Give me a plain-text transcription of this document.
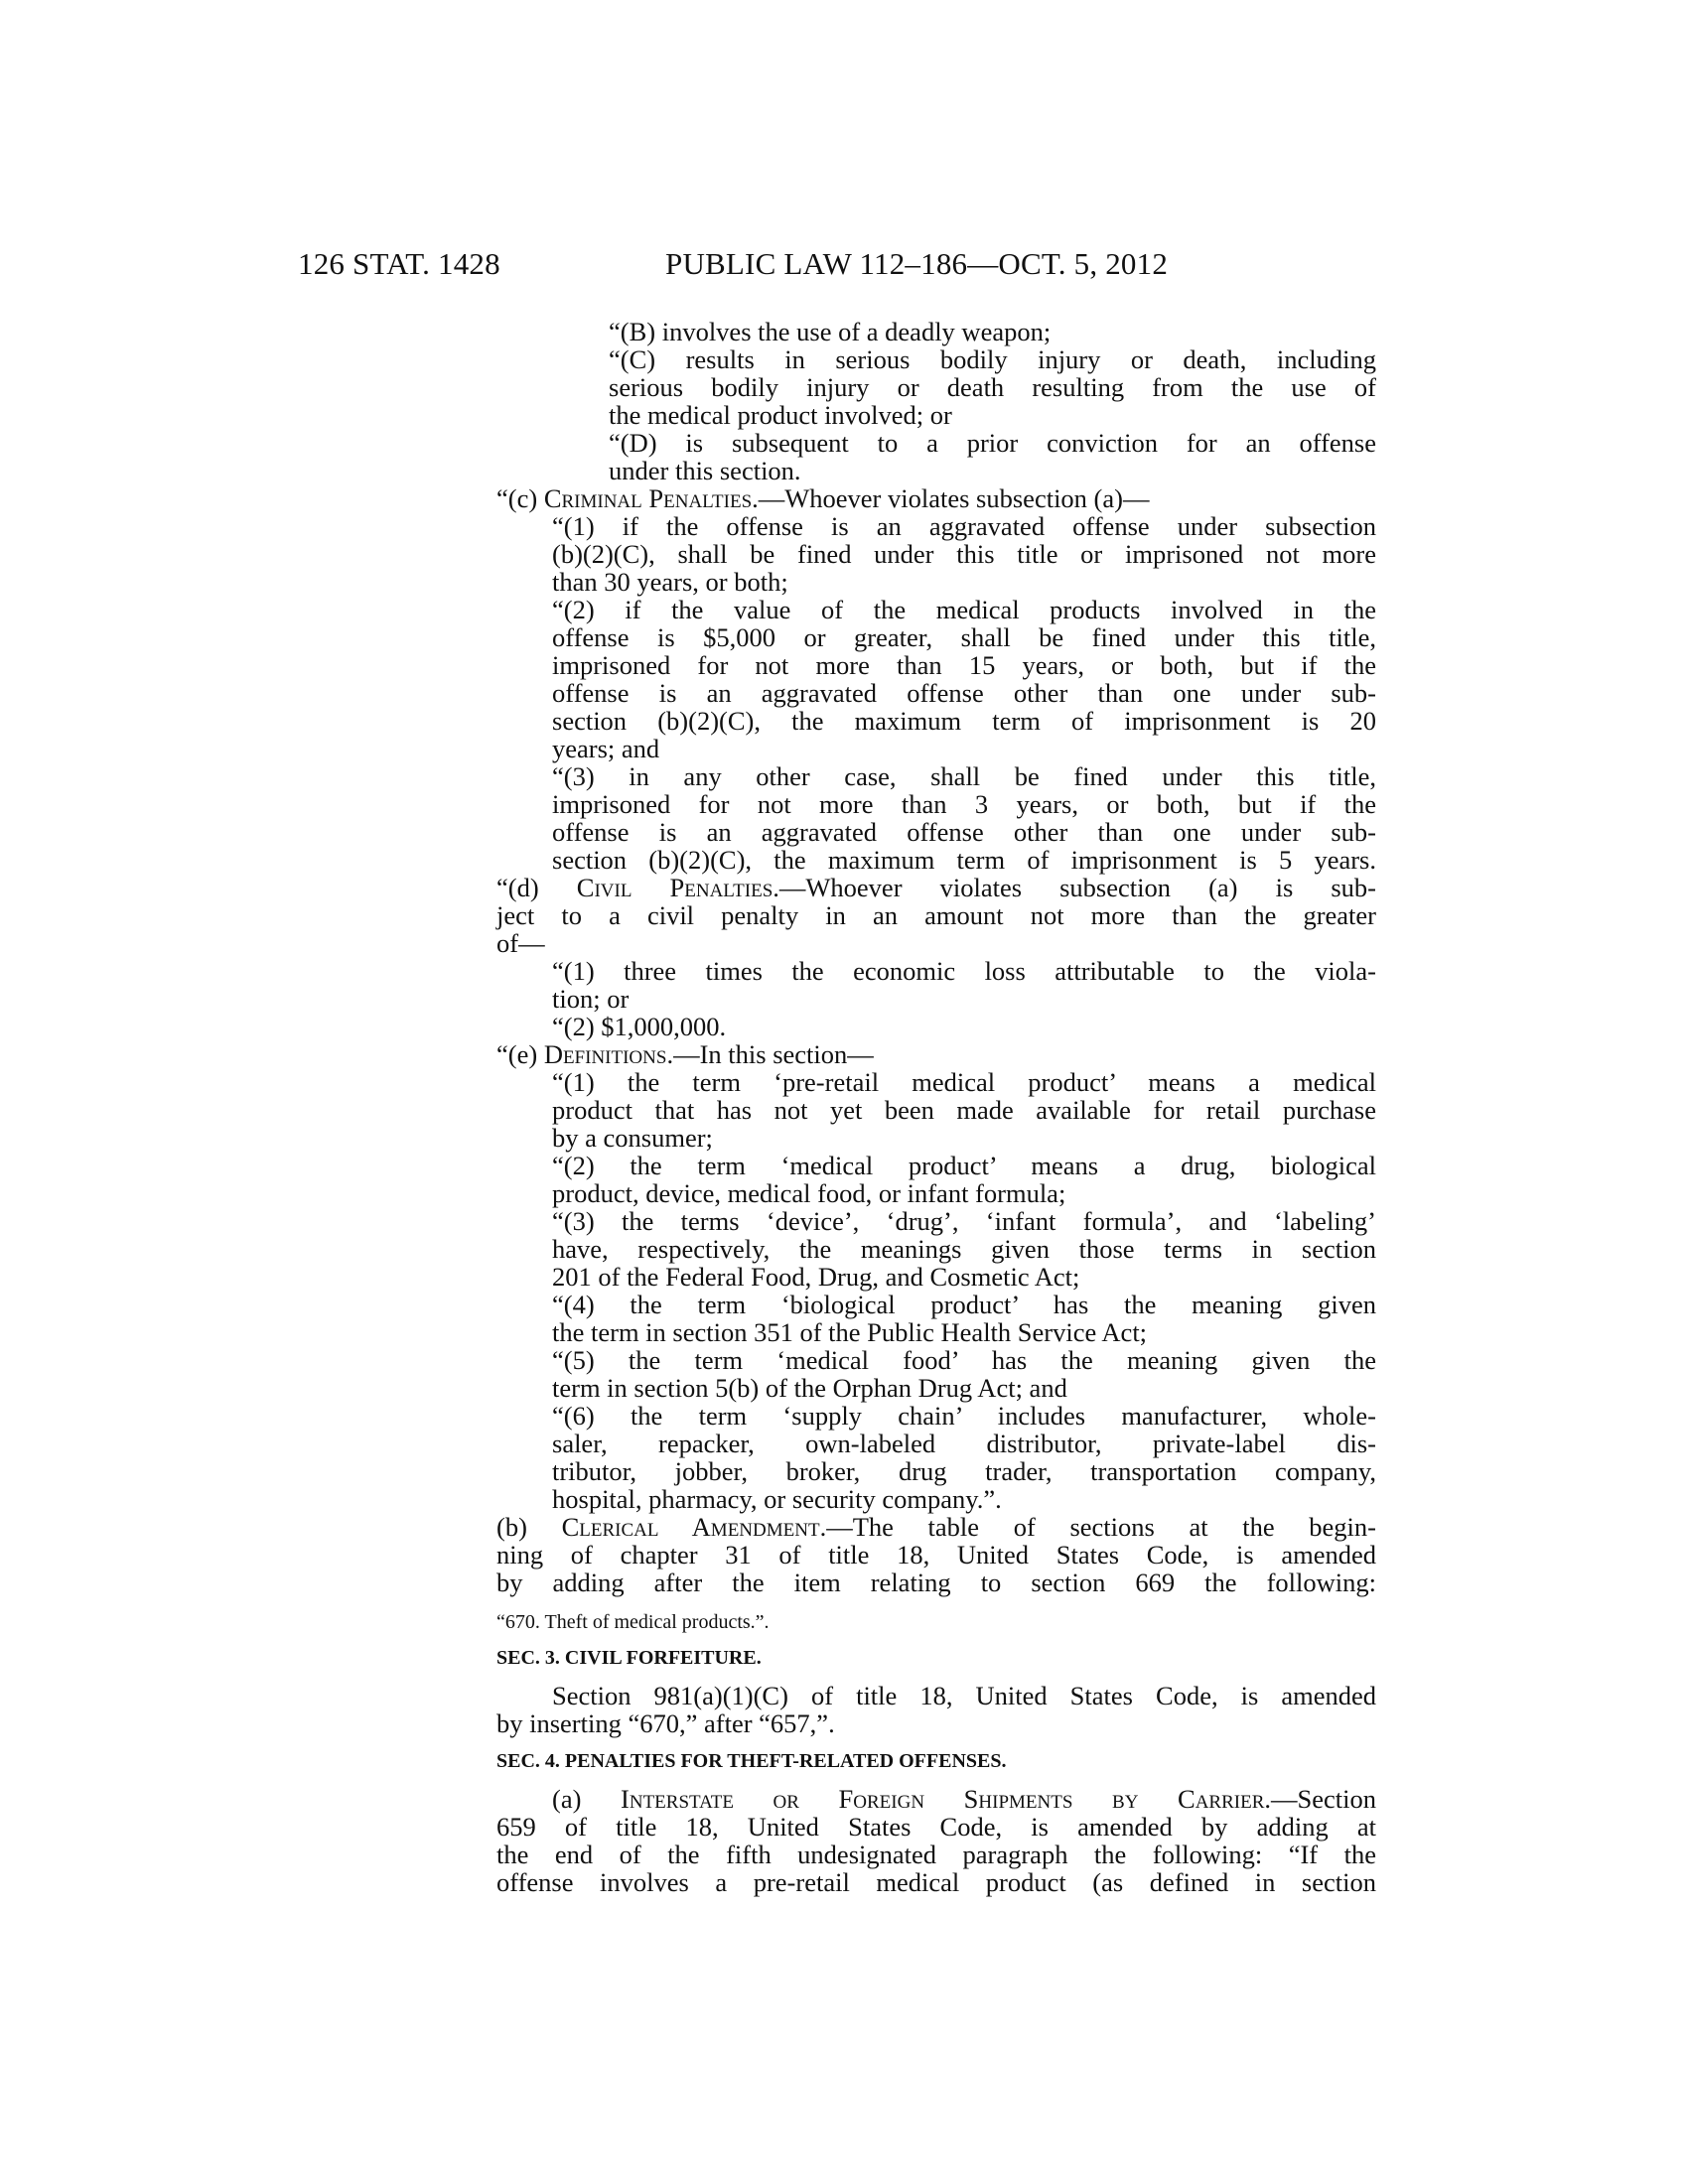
126 STAT. 1428	PUBLIC LAW 112–186—OCT. 5, 2012
“(B) involves the use of a deadly weapon;
“(C) results in serious bodily injury or death, including
serious bodily injury or death resulting from the use of
the medical product involved; or
“(D) is subsequent to a prior conviction for an offense
under this section.
“(c) Criminal Penalties.—Whoever violates subsection (a)—
“(1) if the offense is an aggravated offense under subsection
(b)(2)(C), shall be fined under this title or imprisoned not more
than 30 years, or both;
“(2) if the value of the medical products involved in the
offense is $5,000 or greater, shall be fined under this title,
imprisoned for not more than 15 years, or both, but if the
offense is an aggravated offense other than one under sub-
section (b)(2)(C), the maximum term of imprisonment is 20
years; and
“(3) in any other case, shall be fined under this title,
imprisoned for not more than 3 years, or both, but if the
offense is an aggravated offense other than one under sub-
section (b)(2)(C), the maximum term of imprisonment is 5 years.
“(d) Civil Penalties.—Whoever violates subsection (a) is sub-
ject to a civil penalty in an amount not more than the greater
of—
“(1) three times the economic loss attributable to the viola-
tion; or
“(2) $1,000,000.
“(e) Definitions.—In this section—
“(1) the term ‘pre-retail medical product’ means a medical
product that has not yet been made available for retail purchase
by a consumer;
“(2) the term ‘medical product’ means a drug, biological
product, device, medical food, or infant formula;
“(3) the terms ‘device’, ‘drug’, ‘infant formula’, and ‘labeling’
have, respectively, the meanings given those terms in section
201 of the Federal Food, Drug, and Cosmetic Act;
“(4) the term ‘biological product’ has the meaning given
the term in section 351 of the Public Health Service Act;
“(5) the term ‘medical food’ has the meaning given the
term in section 5(b) of the Orphan Drug Act; and
“(6) the term ‘supply chain’ includes manufacturer, whole-
saler, repacker, own-labeled distributor, private-label dis-
tributor, jobber, broker, drug trader, transportation company,
hospital, pharmacy, or security company.”.
(b) Clerical Amendment.—The table of sections at the begin-
ning of chapter 31 of title 18, United States Code, is amended
by adding after the item relating to section 669 the following:
“670. Theft of medical products.”.
SEC. 3. CIVIL FORFEITURE.
Section 981(a)(1)(C) of title 18, United States Code, is amended
by inserting “670,” after “657,”.
SEC. 4. PENALTIES FOR THEFT-RELATED OFFENSES.
(a) Interstate or Foreign Shipments by Carrier.—Section
659 of title 18, United States Code, is amended by adding at
the end of the fifth undesignated paragraph the following: “If the
offense involves a pre-retail medical product (as defined in section
